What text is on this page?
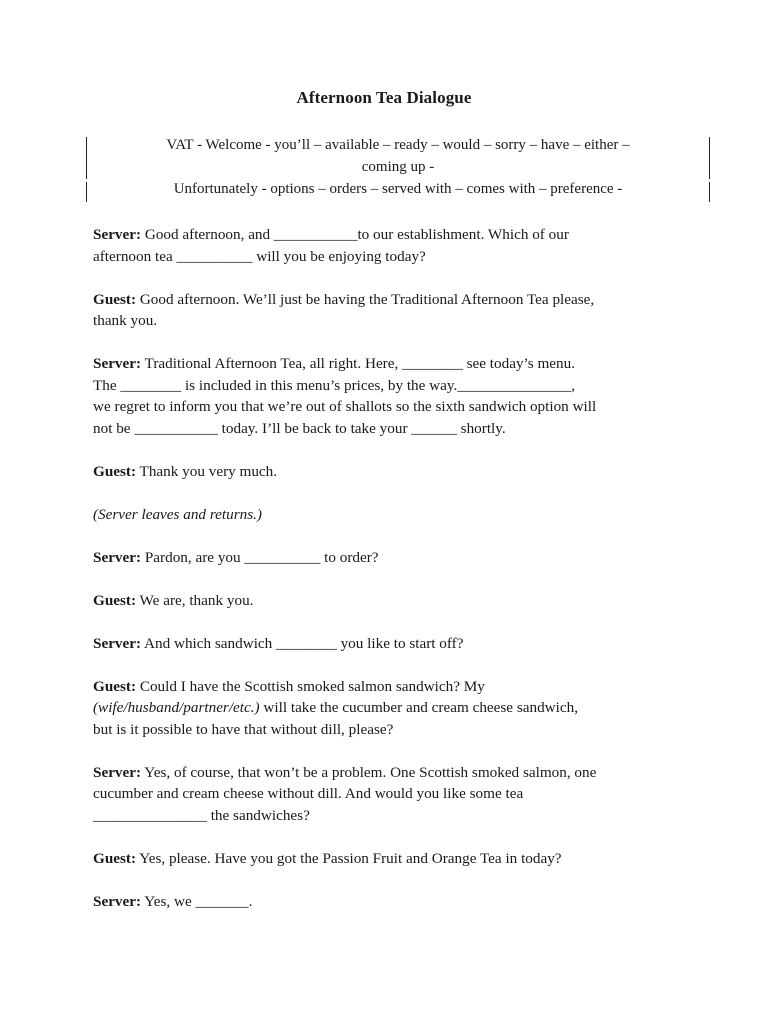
Afternoon Tea Dialogue
VAT - Welcome - you’ll – available – ready – would – sorry – have – either –
coming up -
Unfortunately - options – orders – served with – comes with – preference -
Server: Good afternoon, and ___________to our establishment. Which of our
afternoon tea __________ will you be enjoying today?
Guest: Good afternoon. We’ll just be having the Traditional Afternoon Tea please,
thank you.
Server: Traditional Afternoon Tea, all right. Here, ________ see today’s menu.
The ________ is included in this menu’s prices, by the way._______________,
we regret to inform you that we’re out of shallots so the sixth sandwich option will
not be ___________ today. I’ll be back to take your ______ shortly.
Guest: Thank you very much.
(Server leaves and returns.)
Server: Pardon, are you __________ to order?
Guest: We are, thank you.
Server: And which sandwich ________ you like to start off?
Guest: Could I have the Scottish smoked salmon sandwich? My
(wife/husband/partner/etc.) will take the cucumber and cream cheese sandwich,
but is it possible to have that without dill, please?
Server: Yes, of course, that won’t be a problem. One Scottish smoked salmon, one
cucumber and cream cheese without dill. And would you like some tea
_______________ the sandwiches?
Guest: Yes, please. Have you got the Passion Fruit and Orange Tea in today?
Server: Yes, we _______.
